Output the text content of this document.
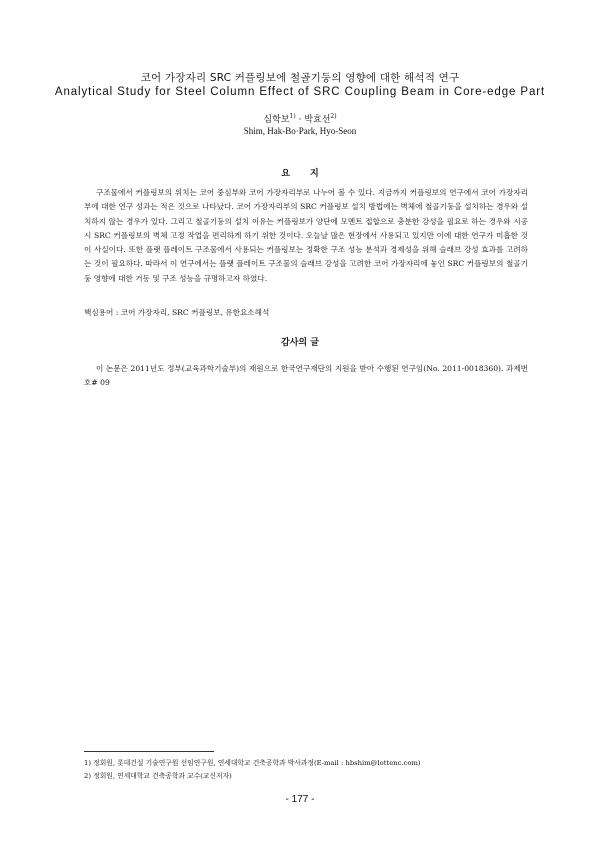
코어 가장자리 SRC 커플링보에 철골기둥의 영향에 대한 해석적 연구
Analytical Study for Steel Column Effect of SRC Coupling Beam in Core-edge Part
심학보$^{1)}$ · 박효선$^{2)}$
Shim, Hak-Bo·Park, Hyo-Seon
요지

구조물에서 커플링보의 위치는 코어 중심부와 코어 가장자리부로 나누어 볼 수 있다. 지금까지 커플링보의 연구에서 코어 가장자리부에 대한 연구 성과는 적은 것으로 나타났다. 코어 가장자리부의 SRC 커플링보 설치 방법에는 벽체에 철골기둥을 설치하는 경우와 설치하지 않는 경우가 있다. 그리고 철골기둥의 설치 이유는 커플링보가 양단에 모멘트 접합으로 충분한 강성을 필요로 하는 경우와 시공시 SRC 커플링보의 벽체 고정 작업을 편리하게 하기 위한 것이다. 오늘날 많은 현장에서 사용되고 있지만 이에 대한 연구가 미흡한 것이 사실이다. 또한 플랫 플레이트 구조물에서 사용되는 커플링보는 정확한 구조 성능 분석과 경제성을 위해 슬래브 강성 효과를 고려하는 것이 필요하다. 따라서 이 연구에서는 플랫 플레이트 구조물의 슬래브 강성을 고려한 코어 가장자리에 놓인 SRC 커플링보의 철골기둥 영향에 대한 거동 및 구조 성능을 규명하고자 하였다.

핵심용어 : 코어 가장자리, SRC 커플링보, 유한요소해석

감사의 글

이 논문은 2011년도 정부(교육과학기술부)의 재원으로 한국연구재단의 지원을 받아 수행된 연구임(No. 2011-0018360). 과제번호# 09

1) 정회원, 롯데건설 기술연구원 선임연구원, 연세대학교 건축공학과 박사과정(E-mail : hbshim@lottenc.com)

2) 정회원, 연세대학교 건축공학과 교수(교신저자)

- 177 -
